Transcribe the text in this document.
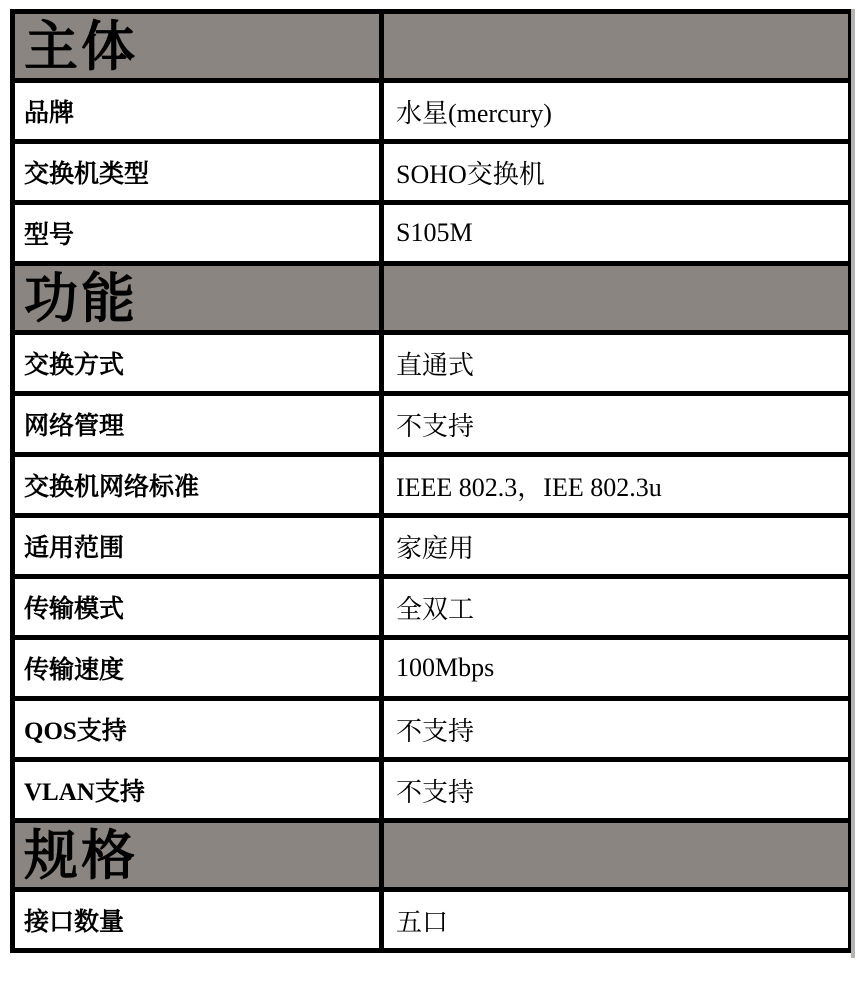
主体
品牌	水星(mercury)
交换机类型	SOHO交换机
型号	S105M
功能
交换方式	直通式
网络管理	不支持
交换机网络标准	IEEE 802.3，IEE 802.3u
适用范围	家庭用
传输模式	全双工
传输速度	100Mbps
QOS支持	不支持
VLAN支持	不支持
规格
接口数量	五口
